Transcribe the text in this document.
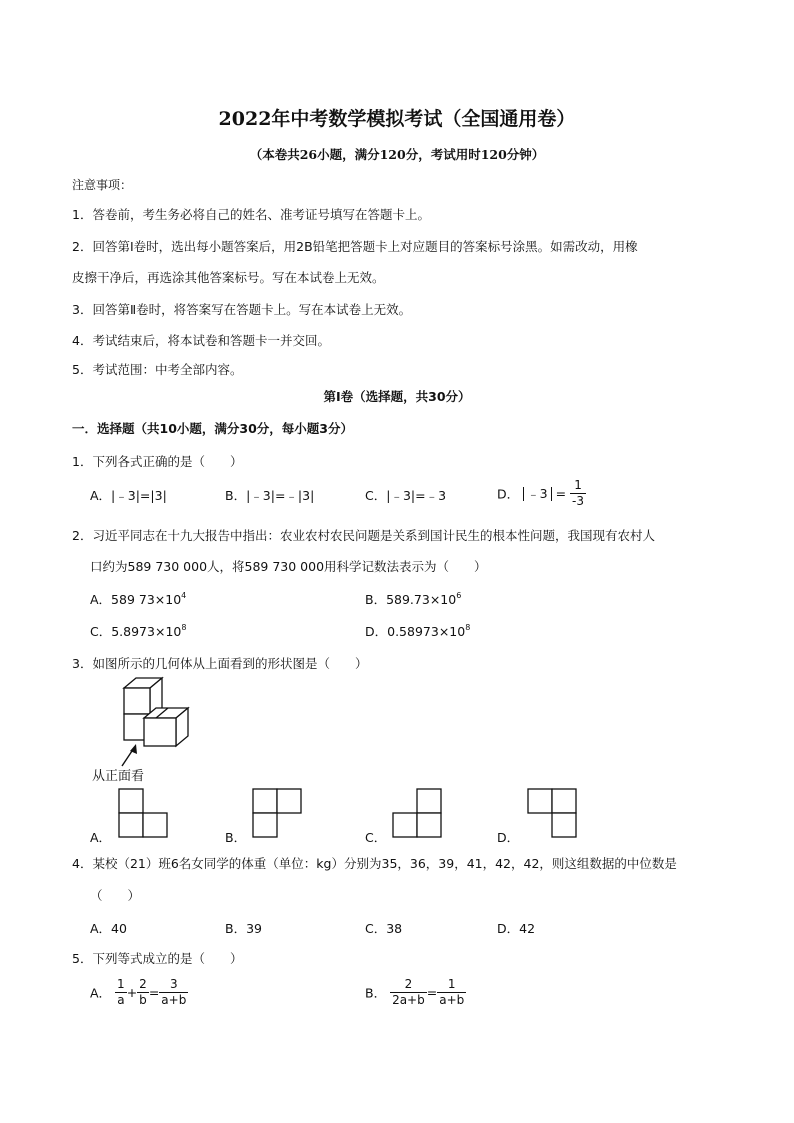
2022年中考数学模拟考试（全国通用卷）
（本卷共26小题，满分120分，考试用时120分钟）
注意事项：
1．答卷前，考生务必将自己的姓名、准考证号填写在答题卡上。
2．回答第Ⅰ卷时，选出每小题答案后，用2B铅笔把答题卡上对应题目的答案标号涂黑。如需改动，用橡
皮擦干净后，再选涂其他答案标号。写在本试卷上无效。
3．回答第Ⅱ卷时，将答案写在答题卡上。写在本试卷上无效。
4．考试结束后，将本试卷和答题卡一并交回。
5．考试范围：中考全部内容。
第Ⅰ卷（选择题，共30分）
一．选择题（共10小题，满分30分，每小题3分）
1．下列各式正确的是（　　）
A．|﹣3|=|3|	B．|﹣3|=﹣|3|	C．|﹣3|=﹣3	D． ﹣3 = $\frac{1}{-3}$
2．习近平同志在十九大报告中指出：农业农村农民问题是关系到国计民生的根本性问题，我国现有农村人
口约为589 730 000人，将589 730 000用科学记数法表示为（　　）
A．589 $73\times 10^4$	B．$589.73\times 10^6$
C．$5.8973\times 10^8$	D．$0.58973\times 10^8$
3．如图所示的几何体从上面看到的形状图是（　　）
从正面看
A．	B．	C．	D．
4．某校（21）班6名女同学的体重（单位：kg）分别为35，36，39，41，42，42，则这组数据的中位数是
（　　）
A．40	B．39	C．38	D．42
5．下列等式成立的是（　　）
A． $\frac{1}{a} + \frac{2}{b} = \frac{3}{a+b}$	B． $\frac{2}{2a+b} = \frac{1}{a+b}$
